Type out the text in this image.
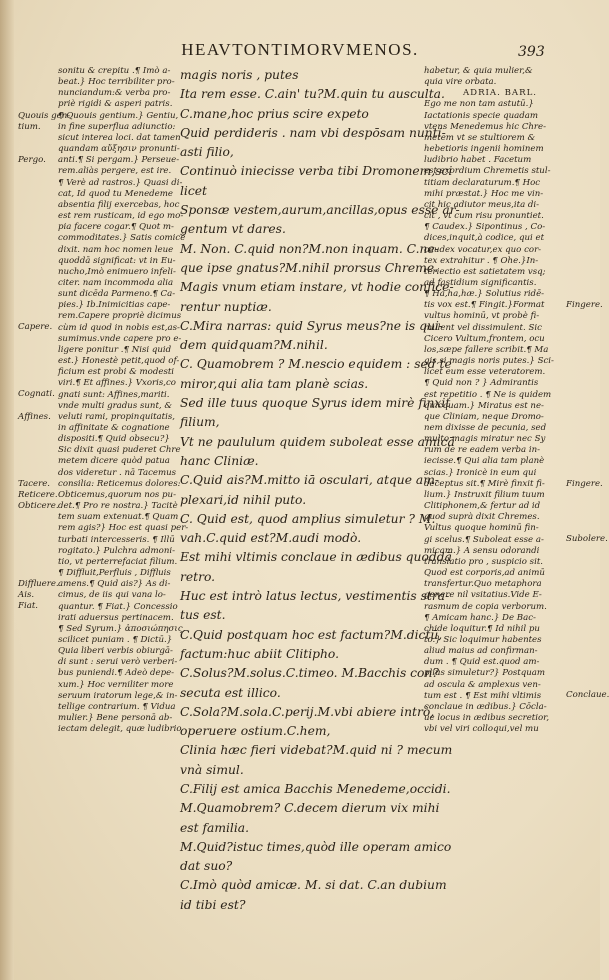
HEAVTONTIMORVMENOS.	393

sonitu & crepitu .¶ Imò a-

beat.} Hoc terribiliter pro-

nunciandum:& verba pro-

priè rigidi & asperi patris.

¶ Quouis gentium.} Gentiu,

in fine superflua adiunctio:

sicut interea loci. dat tamen

quandam αὔξησιν pronunti-

anti.¶ Si pergam.} Perseue-

rem.aliàs pergere, est ire.

¶ Verè ad rastros.} Quasi di-

cat, Id quod tu Menedeme

absentia filij exercebas, hoc

est rem rusticam, id ego mo-

pia facere cogar.¶ Quot m-

commoditates.} Satis comicè

dixit. nam hoc nomen leue

quoddā significat: vt in Eu-

nucho,Imò enimuero infeli-

citer. nam incommoda alia

sunt dicēda Parmeno.¶ Ca-

pies.} Ib.Inimicitias cape-

rem.Capere propriè dicimus

cùm id quod in nobis est,as-

sumimus.vnde capere pro e-

ligere ponitur .¶ Nisi quid

est.} Honestè petit,quod of-

ficium est probi & modesti

viri.¶ Et affines.} Vxoris,co

gnati sunt: Affines,mariti.

vnde multi gradus sunt, &

veluti rami, propinquitatis,

in affinitate & cognatione

dispositi.¶ Quid obsecu?}

Sic dixit quasi puderet Chre

metem dicere quòd patua

dos videretur . nā Tacemus

consilia: Reticemus dolores:

Obticemus,quorum nos pu-

det.¶ Pro re nostra.} Tacitè

tem suam extenuat.¶ Quam

rem agis?} Hoc est quasi per-

turbati intercesseris. ¶ Illū

rogitato.} Pulchra admoni-

tio, vt perterrefaciat filium.

¶ Diffluit,Perfluis , Diffluis

amens.¶ Quid ais?} As di-

cimus, de iis qui vana lo-

quantur. ¶ Fiat.} Concessio

irati aduersus pertinacem.

¶ Sed Syrum.} ἀποσιώπησις,

scilicet puniam . ¶ Dictū.}

Quia liberi verbis obiurgā-

di sunt : serui verò verberi-

bus puniendi.¶ Adeò depe-

xum.} Hoc verniliter more

seruum iratorum lege,& in-

tellige contrarium. ¶ Vidua

mulier.} Bene personā ab-

iectam delegit, quæ ludibrio

magis noris , putes

Ita rem esse. C.ain' tu?M.quin tu ausculta.

C.mane,hoc prius scire expeto

Quid perdideris . nam vbi despōsam nunti-

asti filio,

Continuò iniecisse verba tibi Dromonem,sci

licet

Sponsæ vestem,aurum,ancillas,opus esse ar-

gentum vt dares.

M. Non. C.quid non?M.non inquam. C.ne-

que ipse gnatus?M.nihil prorsus Chreme.

Magis vnum etiam instare, vt hodie confice-

rentur nuptiæ.

C.Mira narras: quid Syrus meus?ne is qui-

dem quidquam?M.nihil.

C. Quamobrem ? M.nescio equidem : sed te

miror,qui alia tam planè scias.

Sed ille tuus quoque Syrus idem mirè finxit

filium,

Vt ne paululum quidem suboleat esse amicā

hanc Cliniæ.

C.Quid ais?M.mitto iā osculari, atque am-

plexari,id nihil puto.

C. Quid est, quod amplius simuletur ? M.

vah.C.quid est?M.audi modò.

Est mihi vltimis conclaue in ædibus quoddā

retro.

Huc est intrò latus lectus, vestimentis stra-

tus est.

C.Quid postquam hoc est factum?M.dictū,

factum:huc abiit Clitipho.

C.Solus?M.solus.C.timeo. M.Bacchis con?

secuta est illico.

C.Sola?M.sola.C.perij.M.vbi abiere intrò,

operuere ostium.C.hem,

Clinia hæc fieri videbat?M.quid ni ? mecum

vnà simul.

C.Filij est amica Bacchis Menedeme,occidi.

M.Quamobrem? C.decem dierum vix mihi

est familia.

M.Quid?istuc times,quòd ille operam amico

dat suo?

C.Imò quòd amicæ. M. si dat. C.an dubium

id tibi est?

habetur, & quia mulier,&

quia vire orbata.

ADRIA. BARL.

Ego me non tam astutū.}

Iactationis specie quadam

vtens Menedemus hic Chre-

metem vt se stultiorem &

hebetioris ingenii hominem

ludibrio habet . Facetum

est exordium Chremetis stul-

titiam declaraturum.¶ Hoc

mihi præstat.} Hoc me vin-

cit hic adiutor meus,ita di-

cit , vt cum risu pronuntiet.

¶ Caudex.} Sipontinus , Co-

dices,inquit,à codice, qui et

caudex vocatur,ex quo cor-

tex extrahitur . ¶ Ohe.}In-

teriectio est satietatem vsq;

ad fastidium significantis.

¶ Ha,ha,hæ.} Solutius ridē-

tis vox est.¶ Fingit.}Format

vultus hominū, vt probè fi-

mulent vel dissimulent. Sic

Cicero Vultum,frontem, ocu

los,sæpe fallere scribit.¶ Ma

gis,si magis noris putes.} Sci-

licet eum esse veteratorem.

¶ Quid non ? } Admirantis

est repetitio . ¶ Ne is quidem

quicquam.} Miratus est ne-

que Cliniam, neque Dromo-

nem dixisse de pecunia, sed

multo magis miratur nec Sy

rum de re eadem verba in-

iecisse.¶ Qui alia tam planè

scias.} Ironicè in eum qui

deceptus sit.¶ Mirè finxit fi-

lium.} Instruxit filium tuum

Clitiphonem,& fertur ad id

quod suprà dixit Chremes.

Vultus quoque hominū fin-

gi scelus.¶ Suboleat esse a-

micam.} A sensu odorandi

translatio pro , suspicio sit.

Quod est corporis,ad animū

transfertur.Quo metaphora

genere nil vsitatius.Vide E-

rasmum de copia verborum.

¶ Amicam hanc.} De Bac-

chide loquitur.¶ Id nihil pu

to.} Sic loquimur habentes

aliud maius ad confirman-

dum . ¶ Quid est.quod am-

plius simuletur?} Postquam

ad oscula & amplexus ven-

tum est . ¶ Est mihi vltimis

conclaue in ædibus.} Cōcla-

ue locus in ædibus secretior,

vbi vel viri colloqui,vel mu

Quouis gen-
tium.
Pergo.
Capere.
Cognati.
Affines.
Tacere.
Reticere.
Obticere.
Diffluere.
Ais.
Fiat.
Fingere.
Fingere.
Subolere.
Conclaue.
